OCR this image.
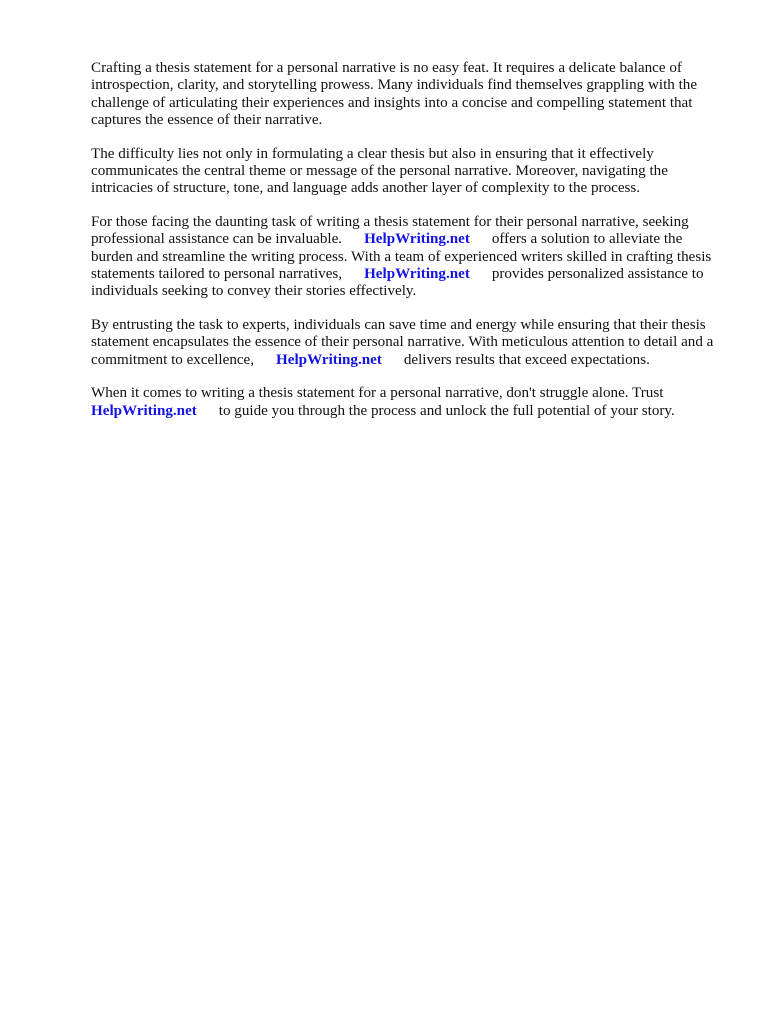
Crafting a thesis statement for a personal narrative is no easy feat. It requires a delicate balance of introspection, clarity, and storytelling prowess. Many individuals find themselves grappling with the challenge of articulating their experiences and insights into a concise and compelling statement that captures the essence of their narrative.

The difficulty lies not only in formulating a clear thesis but also in ensuring that it effectively communicates the central theme or message of the personal narrative. Moreover, navigating the intricacies of structure, tone, and language adds another layer of complexity to the process.

For those facing the daunting task of writing a thesis statement for their personal narrative, seeking professional assistance can be invaluable. HelpWriting.net offers a solution to alleviate the burden and streamline the writing process. With a team of experienced writers skilled in crafting thesis statements tailored to personal narratives, HelpWriting.net provides personalized assistance to individuals seeking to convey their stories effectively.

By entrusting the task to experts, individuals can save time and energy while ensuring that their thesis statement encapsulates the essence of their personal narrative. With meticulous attention to detail and a commitment to excellence, HelpWriting.net delivers results that exceed expectations.

When it comes to writing a thesis statement for a personal narrative, don't struggle alone. Trust HelpWriting.net to guide you through the process and unlock the full potential of your story.
